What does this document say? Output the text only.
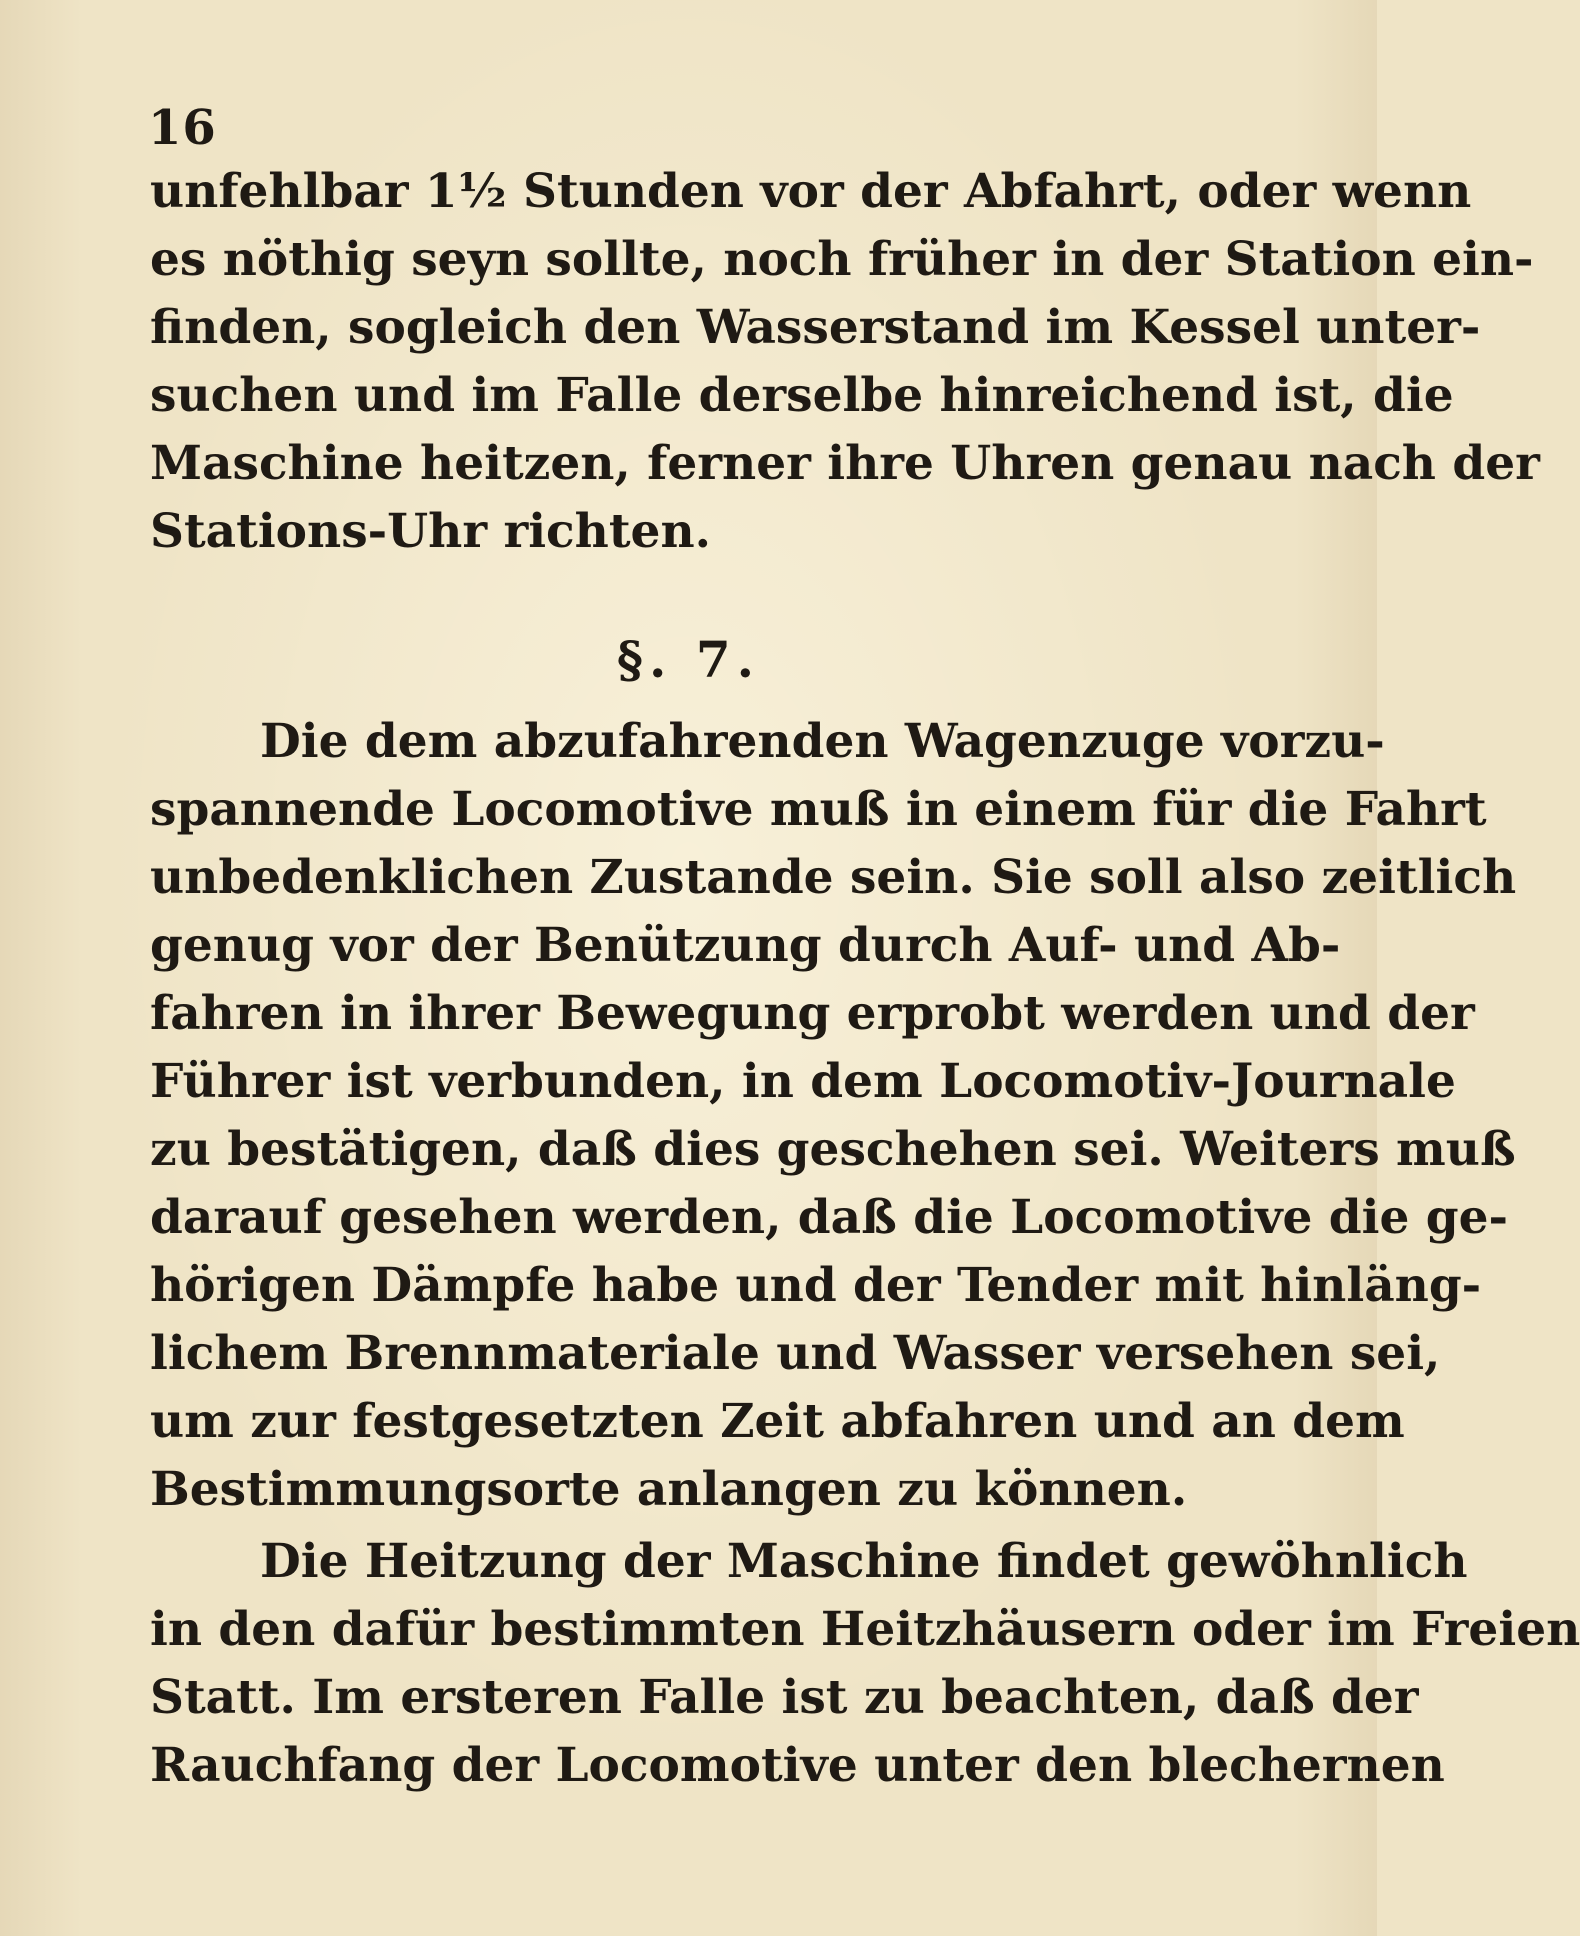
16
unfehlbar 1½ Stunden vor der Abfahrt, oder wenn
es nöthig seyn sollte, noch früher in der Station ein-
finden, sogleich den Wasserstand im Kessel unter-
suchen und im Falle derselbe hinreichend ist, die
Maschine heitzen, ferner ihre Uhren genau nach der
Stations-Uhr richten.
§. 7.
Die dem abzufahrenden Wagenzuge vorzu-
spannende Locomotive muß in einem für die Fahrt
unbedenklichen Zustande sein. Sie soll also zeitlich
genug vor der Benützung durch Auf- und Ab-
fahren in ihrer Bewegung erprobt werden und der
Führer ist verbunden, in dem Locomotiv-Journale
zu bestätigen, daß dies geschehen sei. Weiters muß
darauf gesehen werden, daß die Locomotive die ge-
hörigen Dämpfe habe und der Tender mit hinläng-
lichem Brennmateriale und Wasser versehen sei,
um zur festgesetzten Zeit abfahren und an dem
Bestimmungsorte anlangen zu können.
Die Heitzung der Maschine findet gewöhnlich
in den dafür bestimmten Heitzhäusern oder im Freien
Statt. Im ersteren Falle ist zu beachten, daß der
Rauchfang der Locomotive unter den blechernen
